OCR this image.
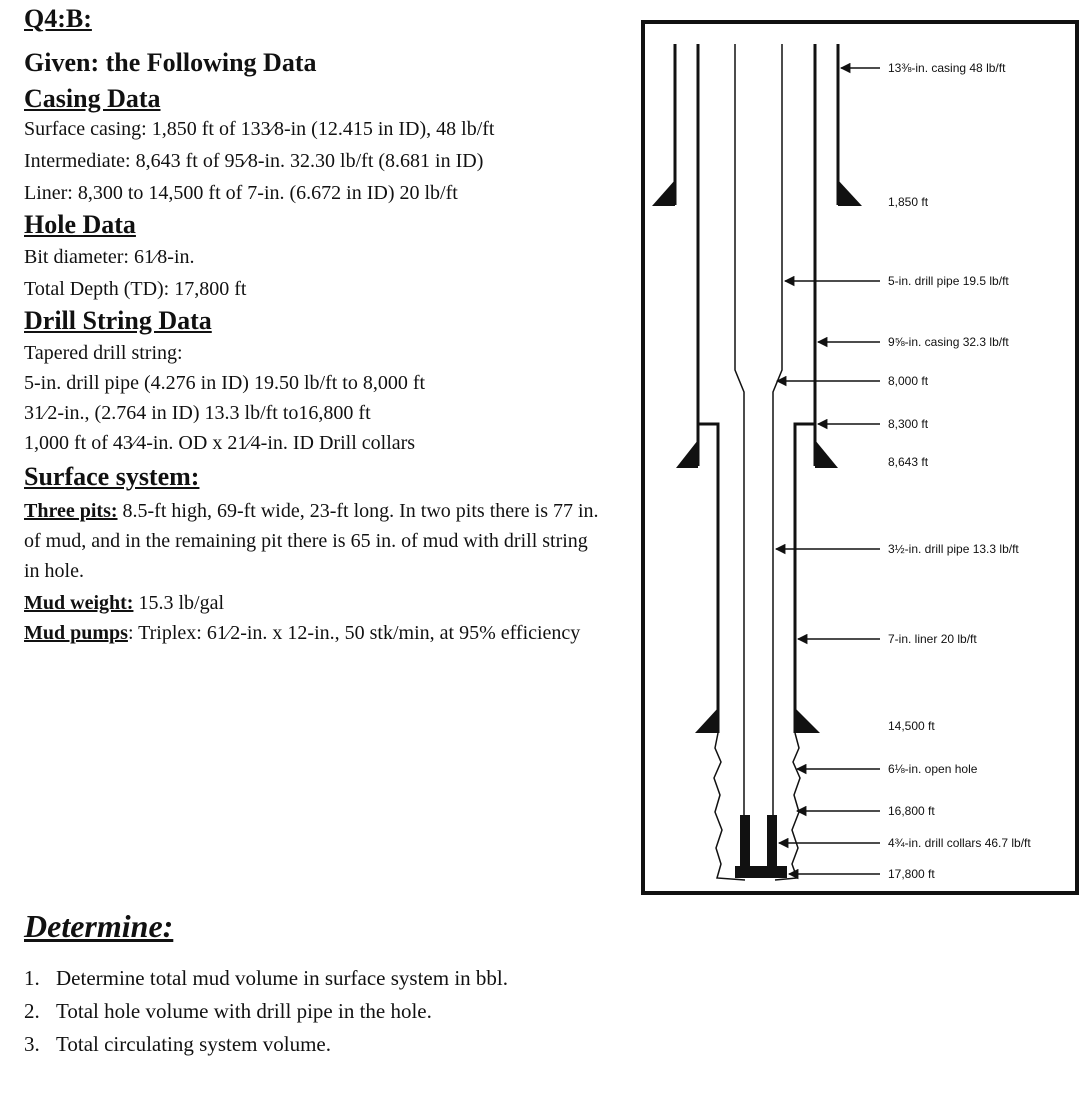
Q4:B:
Given: the Following Data
Casing Data
Surface casing: 1,850 ft of 133⁄8-in (12.415 in ID), 48 lb/ft
Intermediate: 8,643 ft of 95⁄8-in. 32.30 lb/ft (8.681 in ID)
Liner: 8,300 to 14,500 ft of 7-in. (6.672 in ID) 20 lb/ft
Hole Data
Bit diameter: 61⁄8-in.
Total Depth (TD): 17,800 ft
Drill String Data
Tapered drill string:
5-in. drill pipe (4.276 in ID) 19.50 lb/ft to 8,000 ft
31⁄2-in., (2.764 in ID) 13.3 lb/ft to16,800 ft
1,000 ft of 43⁄4-in. OD x 21⁄4-in. ID Drill collars
Surface system:
Three pits: 8.5-ft high, 69-ft wide, 23-ft long. In two pits there is 77 in. of mud, and in the remaining pit there is 65 in. of mud with drill string in hole.
Mud weight: 15.3 lb/gal
Mud pumps: Triplex: 61⁄2-in. x 12-in., 50 stk/min, at 95% efficiency
Determine:
1. Determine total mud volume in surface system in bbl.
2. Total hole volume with drill pipe in the hole.
3. Total circulating system volume.
13⅜-in. casing 48 lb/ft
1,850 ft
5-in. drill pipe 19.5 lb/ft
9⅝-in. casing 32.3 lb/ft
8,000 ft
8,300 ft
8,643 ft
3½-in. drill pipe 13.3 lb/ft
7-in. liner 20 lb/ft
14,500 ft
6⅛-in. open hole
16,800 ft
4¾-in. drill collars 46.7 lb/ft
17,800 ft
